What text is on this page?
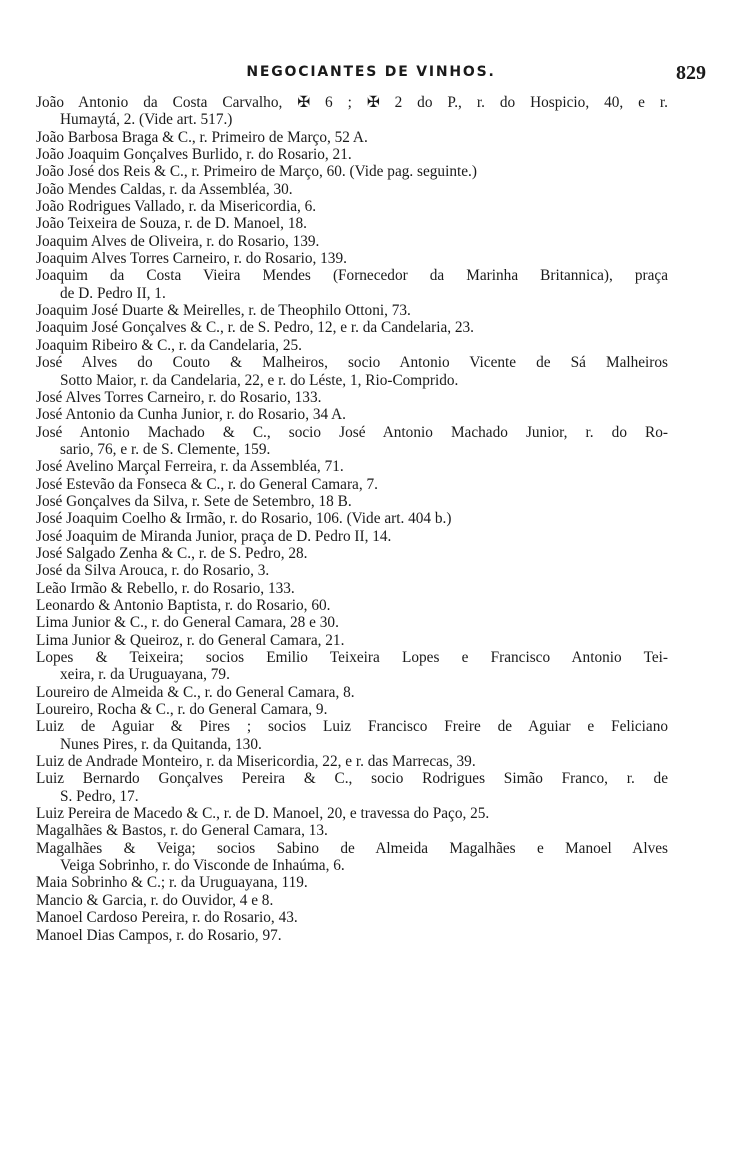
NEGOCIANTES DE VINHOS.	829
João Antonio da Costa Carvalho, ✠ 6 ; ✠ 2 do P., r. do Hospicio, 40, e r.
Humaytá, 2. (Vide art. 517.)
João Barbosa Braga & C., r. Primeiro de Março, 52 A.
João Joaquim Gonçalves Burlido, r. do Rosario, 21.
João José dos Reis & C., r. Primeiro de Março, 60. (Vide pag. seguinte.)
João Mendes Caldas, r. da Assembléa, 30.
João Rodrigues Vallado, r. da Misericordia, 6.
João Teixeira de Souza, r. de D. Manoel, 18.
Joaquim Alves de Oliveira, r. do Rosario, 139.
Joaquim Alves Torres Carneiro, r. do Rosario, 139.
Joaquim da Costa Vieira Mendes (Fornecedor da Marinha Britannica), praça
de D. Pedro II, 1.
Joaquim José Duarte & Meirelles, r. de Theophilo Ottoni, 73.
Joaquim José Gonçalves & C., r. de S. Pedro, 12, e r. da Candelaria, 23.
Joaquim Ribeiro & C., r. da Candelaria, 25.
José Alves do Couto & Malheiros, socio Antonio Vicente de Sá Malheiros
Sotto Maior, r. da Candelaria, 22, e r. do Léste, 1, Rio-Comprido.
José Alves Torres Carneiro, r. do Rosario, 133.
José Antonio da Cunha Junior, r. do Rosario, 34 A.
José Antonio Machado & C., socio José Antonio Machado Junior, r. do Ro-
sario, 76, e r. de S. Clemente, 159.
José Avelino Marçal Ferreira, r. da Assembléa, 71.
José Estevão da Fonseca & C., r. do General Camara, 7.
José Gonçalves da Silva, r. Sete de Setembro, 18 B.
José Joaquim Coelho & Irmão, r. do Rosario, 106. (Vide art. 404 b.)
José Joaquim de Miranda Junior, praça de D. Pedro II, 14.
José Salgado Zenha & C., r. de S. Pedro, 28.
José da Silva Arouca, r. do Rosario, 3.
Leão Irmão & Rebello, r. do Rosario, 133.
Leonardo & Antonio Baptista, r. do Rosario, 60.
Lima Junior & C., r. do General Camara, 28 e 30.
Lima Junior & Queiroz, r. do General Camara, 21.
Lopes & Teixeira; socios Emilio Teixeira Lopes e Francisco Antonio Tei-
xeira, r. da Uruguayana, 79.
Loureiro de Almeida & C., r. do General Camara, 8.
Loureiro, Rocha & C., r. do General Camara, 9.
Luiz de Aguiar & Pires ; socios Luiz Francisco Freire de Aguiar e Feliciano
Nunes Pires, r. da Quitanda, 130.
Luiz de Andrade Monteiro, r. da Misericordia, 22, e r. das Marrecas, 39.
Luiz Bernardo Gonçalves Pereira & C., socio Rodrigues Simão Franco, r. de
S. Pedro, 17.
Luiz Pereira de Macedo & C., r. de D. Manoel, 20, e travessa do Paço, 25.
Magalhães & Bastos, r. do General Camara, 13.
Magalhães & Veiga; socios Sabino de Almeida Magalhães e Manoel Alves
Veiga Sobrinho, r. do Visconde de Inhaúma, 6.
Maia Sobrinho & C.; r. da Uruguayana, 119.
Mancio & Garcia, r. do Ouvidor, 4 e 8.
Manoel Cardoso Pereira, r. do Rosario, 43.
Manoel Dias Campos, r. do Rosario, 97.
